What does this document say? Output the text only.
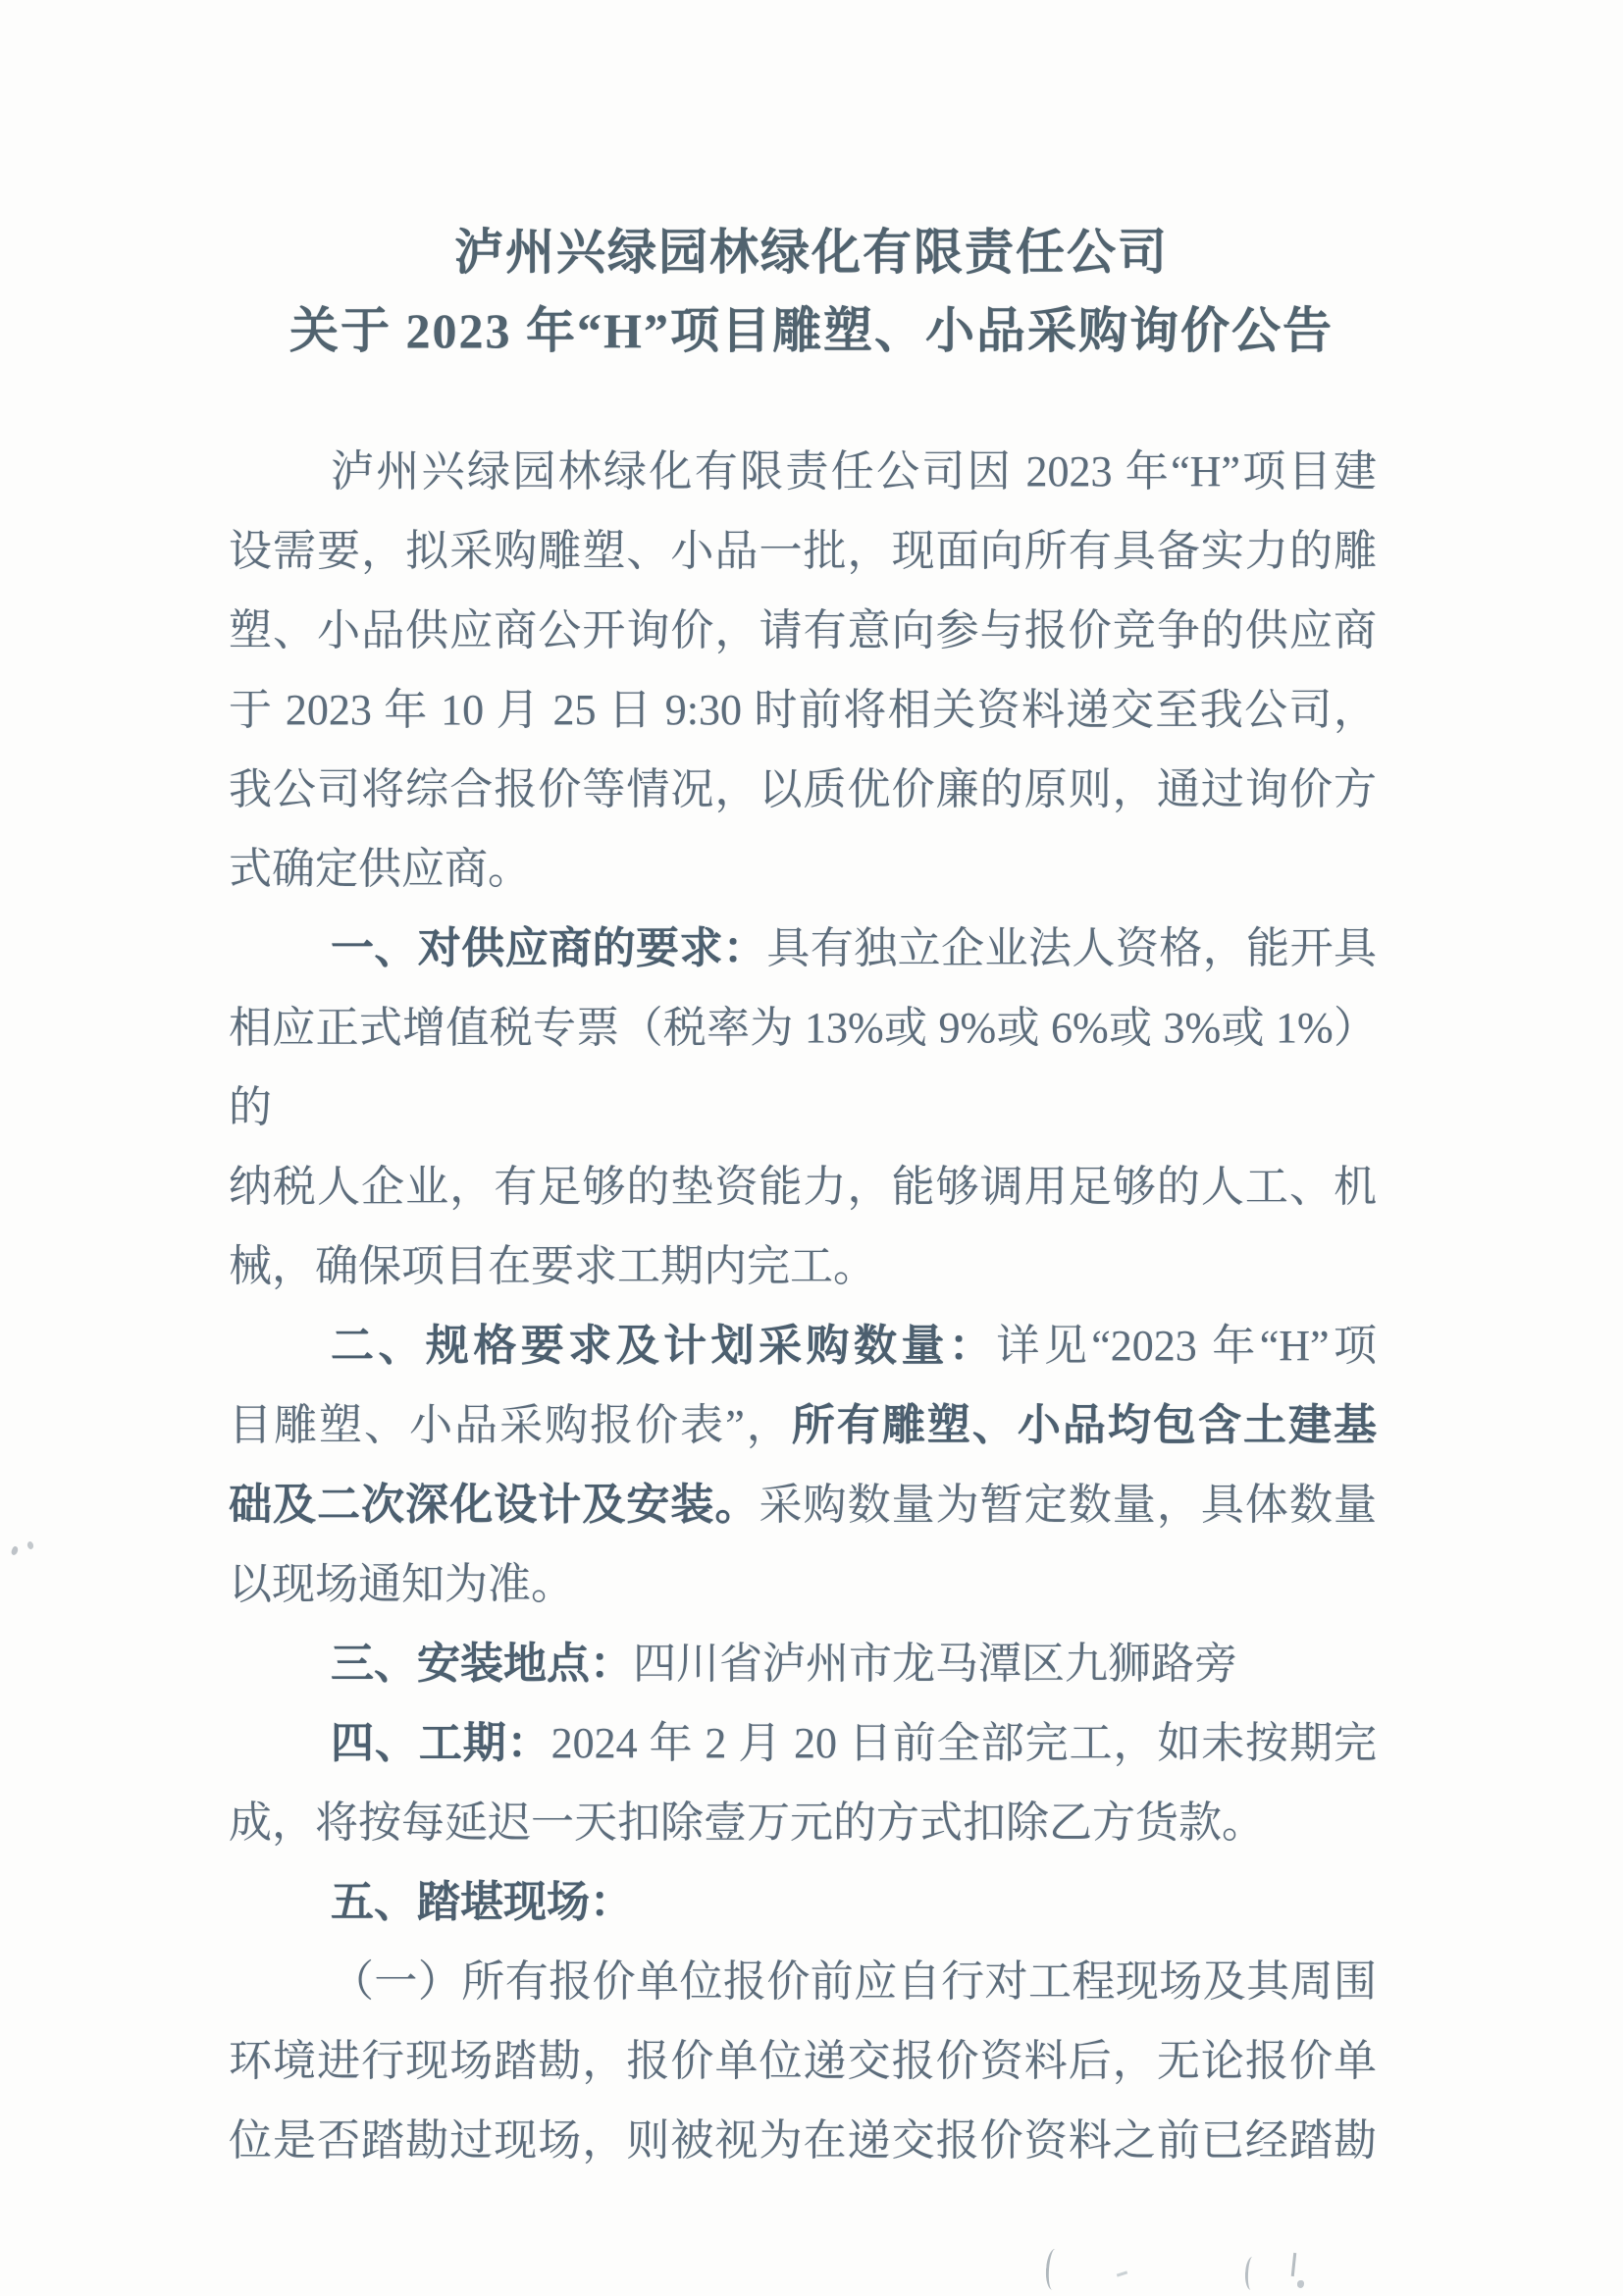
泸州兴绿园林绿化有限责任公司
关于 2023 年“H”项目雕塑、小品采购询价公告
泸州兴绿园林绿化有限责任公司因 2023 年“H”项目建
设需要，拟采购雕塑、小品一批，现面向所有具备实力的雕
塑、小品供应商公开询价，请有意向参与报价竞争的供应商
于 2023 年 10 月 25 日 9:30 时前将相关资料递交至我公司，
我公司将综合报价等情况，以质优价廉的原则，通过询价方
式确定供应商。
一、对供应商的要求：具有独立企业法人资格，能开具
相应正式增值税专票（税率为 13%或 9%或 6%或 3%或 1%）的
纳税人企业，有足够的垫资能力，能够调用足够的人工、机
械，确保项目在要求工期内完工。
二、规格要求及计划采购数量：详见“2023 年“H”项
目雕塑、小品采购报价表”，所有雕塑、小品均包含土建基
础及二次深化设计及安装。采购数量为暂定数量，具体数量
以现场通知为准。
三、安装地点：四川省泸州市龙马潭区九狮路旁
四、工期：2024 年 2 月 20 日前全部完工，如未按期完
成，将按每延迟一天扣除壹万元的方式扣除乙方货款。
五、踏堪现场：
（一）所有报价单位报价前应自行对工程现场及其周围
环境进行现场踏勘，报价单位递交报价资料后，无论报价单
位是否踏勘过现场，则被视为在递交报价资料之前已经踏勘
